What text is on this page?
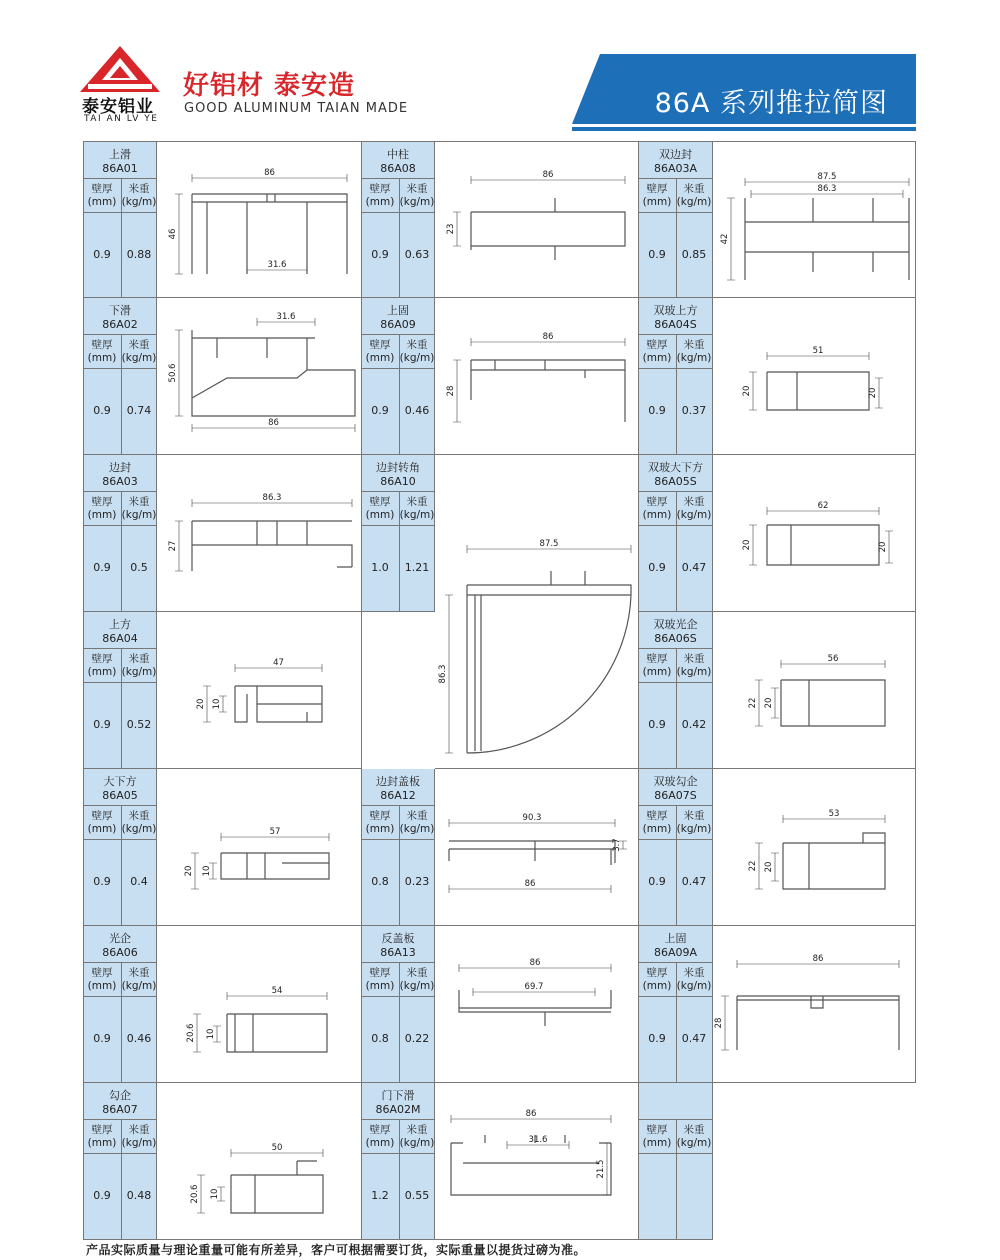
泰安铝业
TAI AN LV YE
好铝材 泰安造
GOOD ALUMINUM TAIAN MADE	86A 系列推拉简图
上滑
86A01
壁厚
(mm)
米重
(kg/m)
0.9	0.88
下滑
86A02
壁厚
(mm)
米重
(kg/m)
0.9	0.74
边封
86A03
壁厚
(mm)
米重
(kg/m)
0.9	0.5
上方
86A04
壁厚
(mm)
米重
(kg/m)
0.9	0.52
大下方
86A05
壁厚
(mm)
米重
(kg/m)
0.9	0.4
光企
86A06
壁厚
(mm)
米重
(kg/m)
0.9	0.46
勾企
86A07
壁厚
(mm)
米重
(kg/m)
0.9	0.48
中柱
86A08
壁厚
(mm)
米重
(kg/m)
0.9	0.63
上固
86A09
壁厚
(mm)
米重
(kg/m)
0.9	0.46
边封转角
86A10
壁厚
(mm)
米重
(kg/m)
1.0	1.21
边封盖板
86A12
壁厚
(mm)
米重
(kg/m)
0.8	0.23
反盖板
86A13
壁厚
(mm)
米重
(kg/m)
0.8	0.22
门下滑
86A02M
壁厚
(mm)
米重
(kg/m)
1.2	0.55
双边封
86A03A
壁厚
(mm)
米重
(kg/m)
0.9	0.85
双玻上方
86A04S
壁厚
(mm)
米重
(kg/m)
0.9	0.37
双玻大下方
86A05S
壁厚
(mm)
米重
(kg/m)
0.9	0.47
双玻光企
86A06S
壁厚
(mm)
米重
(kg/m)
0.9	0.42
双玻勾企
86A07S
壁厚
(mm)
米重
(kg/m)
0.9	0.47
上固
86A09A
壁厚
(mm)
米重
(kg/m)
0.9	0.47
壁厚
(mm)
米重
(kg/m)
86
46
31.6
31.6
50.6
86
86.3
27
47
20 10
57
20 10
54
20.6 10
50
20.6 10
86
23
86
28
87.5
86.3
90.3
3.7
86
86
69.7
86
31.6
21.5
87.5
86.3
42
51
20	20
62
20	20
56
22 20
53
22 20
86
28
产品实际质量与理论重量可能有所差异，客户可根据需要订货，实际重量以提货过磅为准。
